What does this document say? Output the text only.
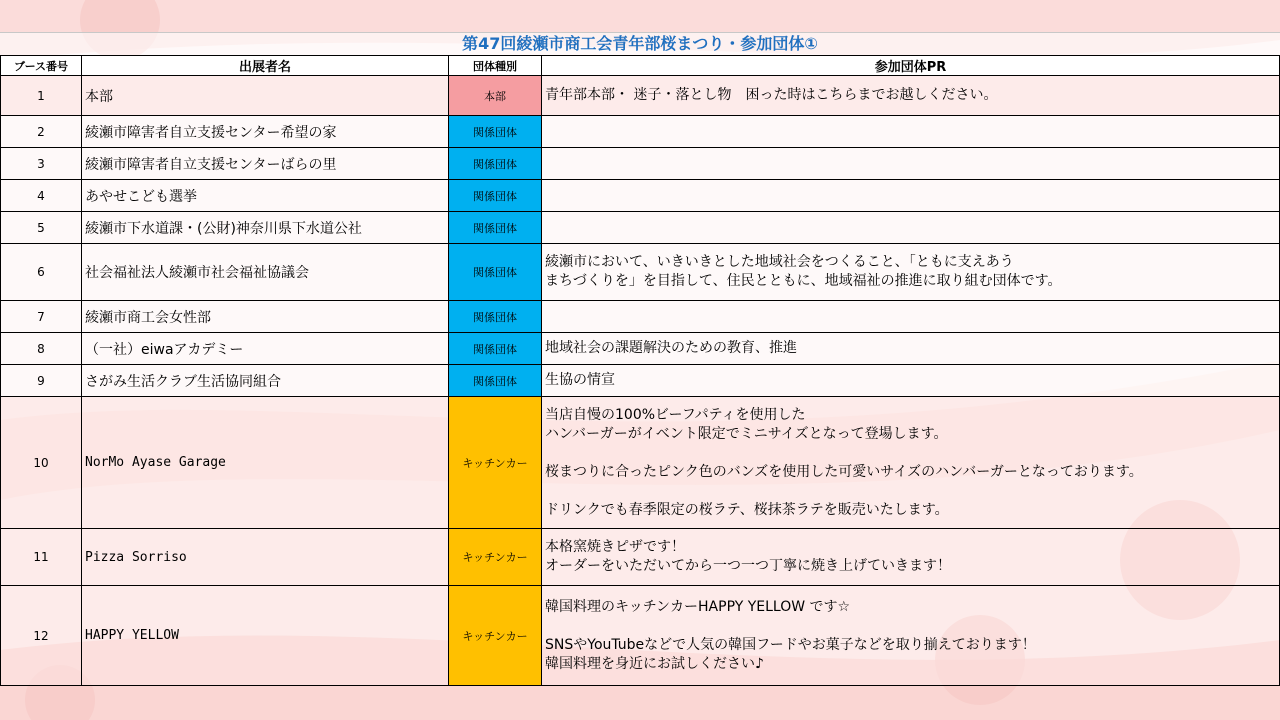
第47回綾瀬市商工会青年部桜まつり・参加団体①
ブース番号	出展者名	団体種別	参加団体PR
1	本部	本部	青年部本部・ 迷子・落とし物　困った時はこちらまでお越しください。

2	綾瀬市障害者自立支援センター希望の家	関係団体	

3	綾瀬市障害者自立支援センターばらの里	関係団体	

4	あやせこども選挙	関係団体	

5	綾瀬市下水道課・(公財)神奈川県下水道公社	関係団体	

6	社会福祉法人綾瀬市社会福祉協議会	関係団体	綾瀬市において、いきいきとした地域社会をつくること、「ともに支えあう
まちづくりを」を目指して、住民とともに、地域福祉の推進に取り組む団体です。

7	綾瀬市商工会女性部	関係団体	

8	（一社）eiwaアカデミー	関係団体	地域社会の課題解決のための教育、推進

9	さがみ生活クラブ生活協同組合	関係団体	生協の情宣

10	NorMo Ayase Garage	キッチンカー	当店自慢の100%ビーフパティを使用した
ハンバーガーがイベント限定でミニサイズとなって登場します。
桜まつりに合ったピンク色のバンズを使用した可愛いサイズのハンバーガーとなっております。
ドリンクでも春季限定の桜ラテ、桜抹茶ラテを販売いたします。

11	Pizza Sorriso	キッチンカー	本格窯焼きピザです！
オーダーをいただいてから一つ一つ丁寧に焼き上げていきます！

12	HAPPY YELLOW	キッチンカー	韓国料理のキッチンカーHAPPY YELLOW です☆
SNSやYouTubeなどで人気の韓国フードやお菓子などを取り揃えております！
韓国料理を身近にお試しください♪
